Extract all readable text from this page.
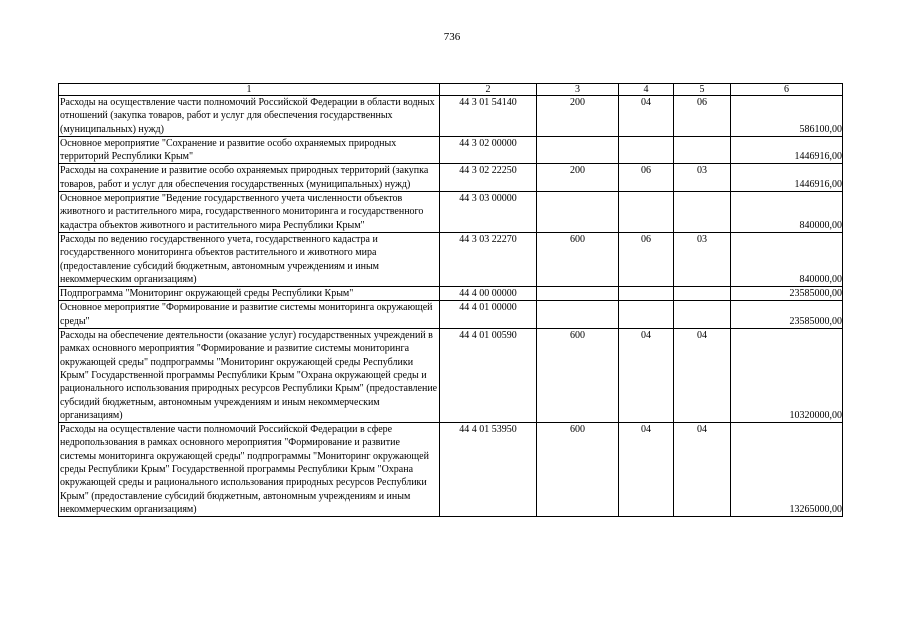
736
1	2	3	4	5	6
Расходы на осуществление части полномочий Российской Федерации в области водных отношений (закупка товаров, работ и услуг для обеспечения государственных (муниципальных) нужд)	44 3 01 54140	200	04	06	586100,00
Основное мероприятие "Сохранение и развитие особо охраняемых природных территорий Республики Крым"	44 3 02 00000				1446916,00
Расходы на сохранение и развитие особо охраняемых природных территорий (закупка товаров, работ и услуг для обеспечения государственных (муниципальных) нужд)	44 3 02 22250	200	06	03	1446916,00
Основное мероприятие "Ведение государственного учета численности объектов животного и растительного мира, государственного мониторинга и государственного кадастра объектов животного и растительного мира Республики Крым"	44 3 03 00000				840000,00
Расходы по ведению государственного учета, государственного кадастра и государственного мониторинга объектов растительного и животного мира (предоставление субсидий бюджетным, автономным учреждениям и иным некоммерческим организациям)	44 3 03 22270	600	06	03	840000,00
Подпрограмма "Мониторинг окружающей среды Республики Крым"	44 4 00 00000				23585000,00
Основное мероприятие "Формирование и развитие системы мониторинга окружающей среды"	44 4 01 00000				23585000,00
Расходы на обеспечение деятельности (оказание услуг) государственных учреждений в рамках основного мероприятия "Формирование и развитие системы мониторинга окружающей среды" подпрограммы "Мониторинг окружающей среды Республики Крым" Государственной программы Республики Крым "Охрана окружающей среды и рационального использования природных ресурсов Республики Крым" (предоставление субсидий бюджетным, автономным учреждениям и иным некоммерческим организациям)	44 4 01 00590	600	04	04	10320000,00
Расходы на осуществление части полномочий Российской Федерации в сфере недропользования в рамках основного мероприятия "Формирование и развитие системы мониторинга окружающей среды" подпрограммы "Мониторинг окружающей среды Республики Крым" Государственной программы Республики Крым "Охрана окружающей среды и рационального использования природных ресурсов Республики Крым" (предоставление субсидий бюджетным, автономным учреждениям и иным некоммерческим организациям)	44 4 01 53950	600	04	04	13265000,00
